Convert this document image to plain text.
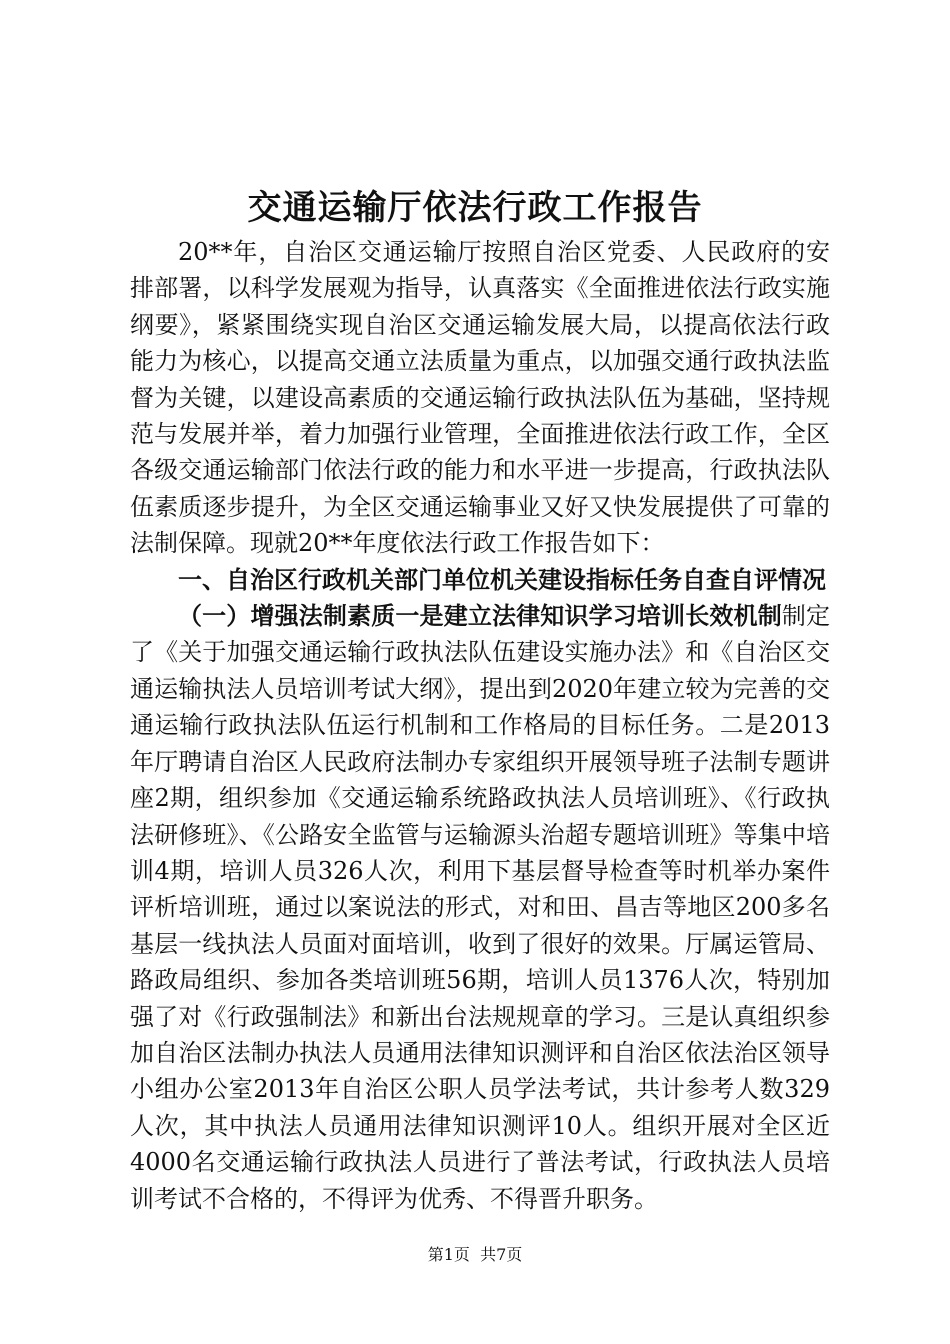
交通运输厅依法行政工作报告

20**年，自治区交通运输厅按照自治区党委、人民政府的安排部署，以科学发展观为指导，认真落实《全面推进依法行政实施纲要》，紧紧围绕实现自治区交通运输发展大局，以提高依法行政能力为核心，以提高交通立法质量为重点，以加强交通行政执法监督为关键，以建设高素质的交通运输行政执法队伍为基础，坚持规范与发展并举，着力加强行业管理，全面推进依法行政工作，全区各级交通运输部门依法行政的能力和水平进一步提高，行政执法队伍素质逐步提升，为全区交通运输事业又好又快发展提供了可靠的法制保障。现就20**年度依法行政工作报告如下：

一、自治区行政机关部门单位机关建设指标任务自查自评情况

（一）增强法制素质一是建立法律知识学习培训长效机制制定了《关于加强交通运输行政执法队伍建设实施办法》和《自治区交通运输执法人员培训考试大纲》，提出到2020年建立较为完善的交通运输行政执法队伍运行机制和工作格局的目标任务。二是2013年厅聘请自治区人民政府法制办专家组织开展领导班子法制专题讲座2期，组织参加《交通运输系统路政执法人员培训班》、《行政执法研修班》、《公路安全监管与运输源头治超专题培训班》等集中培训4期，培训人员326人次，利用下基层督导检查等时机举办案件评析培训班，通过以案说法的形式，对和田、昌吉等地区200多名基层一线执法人员面对面培训，收到了很好的效果。厅属运管局、路政局组织、参加各类培训班56期，培训人员1376人次，特别加强了对《行政强制法》和新出台法规规章的学习。三是认真组织参加自治区法制办执法人员通用法律知识测评和自治区依法治区领导小组办公室2013年自治区公职人员学法考试，共计参考人数329人次，其中执法人员通用法律知识测评10人。组织开展对全区近4000名交通运输行政执法人员进行了普法考试，行政执法人员培训考试不合格的，不得评为优秀、不得晋升职务。

第1页  共7页
